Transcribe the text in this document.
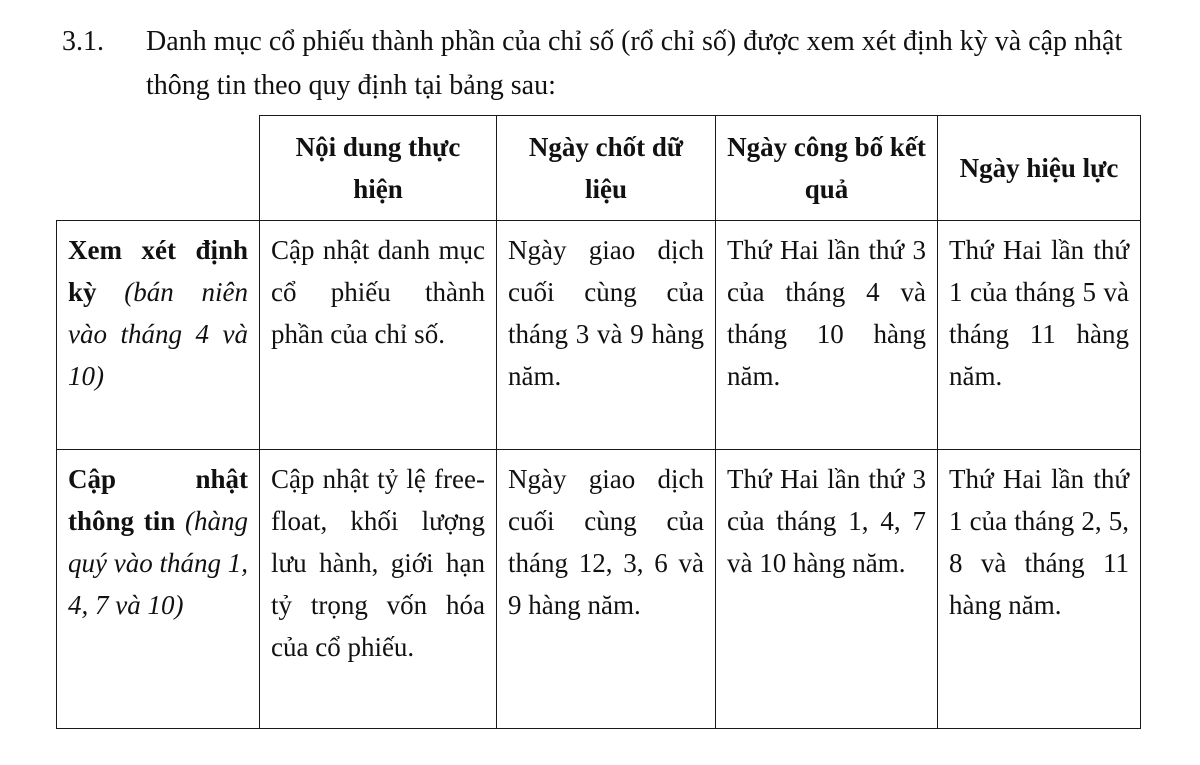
3.1. Danh mục cổ phiếu thành phần của chỉ số (rổ chỉ số) được xem xét định kỳ và cập nhật thông tin theo quy định tại bảng sau:
	Nội dung thực hiện	Ngày chốt dữ liệu	Ngày công bố kết quả	Ngày hiệu lực
Xem xét định kỳ (bán niên vào tháng 4 và 10)	Cập nhật danh mục cổ phiếu thành phần của chỉ số.	Ngày giao dịch cuối cùng của tháng 3 và 9 hàng năm.	Thứ Hai lần thứ 3 của tháng 4 và tháng 10 hàng năm.	Thứ Hai lần thứ 1 của tháng 5 và tháng 11 hàng năm.
Cập nhật thông tin (hàng quý vào tháng 1, 4, 7 và 10)	Cập nhật tỷ lệ free-float, khối lượng lưu hành, giới hạn tỷ trọng vốn hóa của cổ phiếu.	Ngày giao dịch cuối cùng của tháng 12, 3, 6 và 9 hàng năm.	Thứ Hai lần thứ 3 của tháng 1, 4, 7 và 10 hàng năm.	Thứ Hai lần thứ 1 của tháng 2, 5, 8 và tháng 11 hàng năm.
